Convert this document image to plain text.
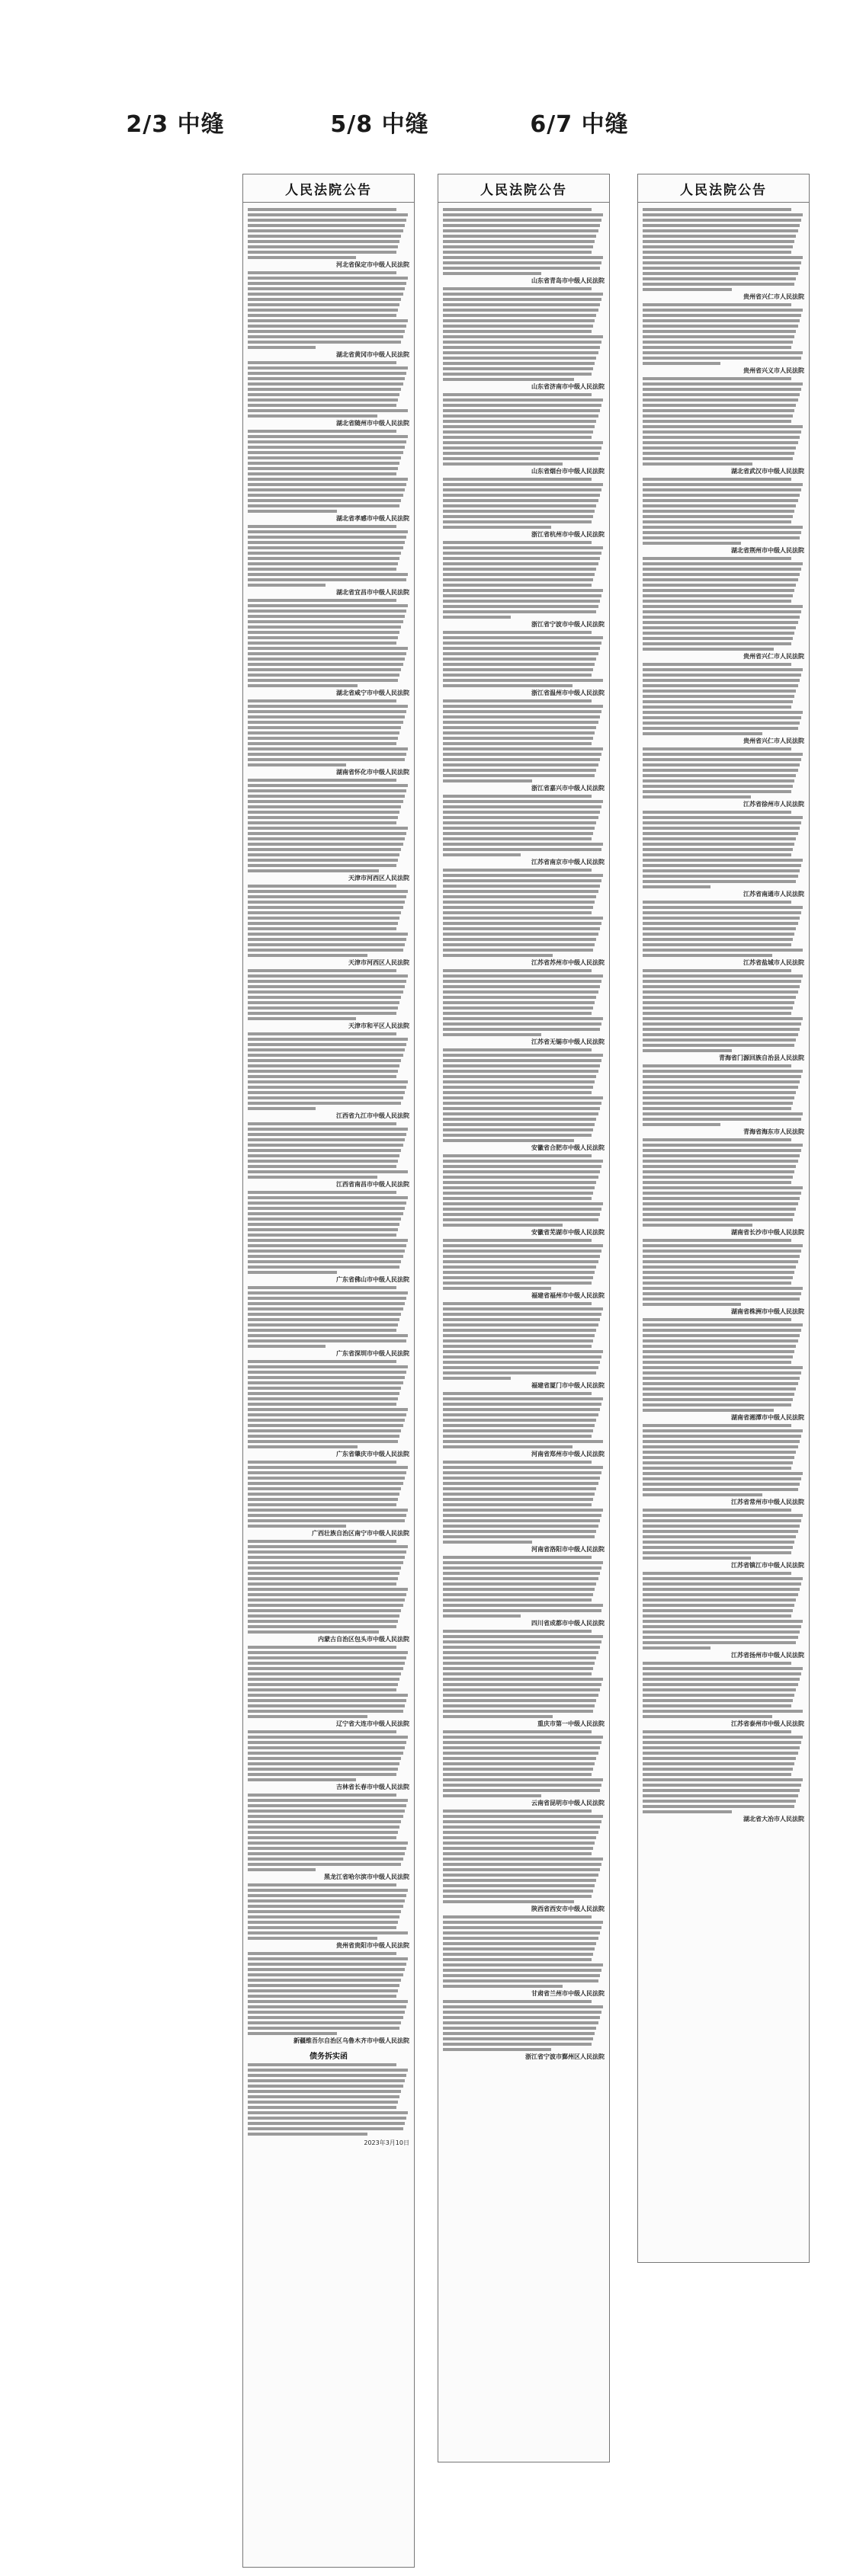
2/3 中缝	5/8 中缝	6/7 中缝
人民法院公告
河北省保定市中级人民法院
湖北省黄冈市中级人民法院
湖北省随州市中级人民法院
湖北省孝感市中级人民法院
湖北省宜昌市中级人民法院
湖北省咸宁市中级人民法院
湖南省怀化市中级人民法院
天津市河西区人民法院
天津市河西区人民法院
天津市和平区人民法院
江西省九江市中级人民法院
江西省南昌市中级人民法院
广东省佛山市中级人民法院
广东省深圳市中级人民法院
广东省肇庆市中级人民法院
广西壮族自治区南宁市中级人民法院
内蒙古自治区包头市中级人民法院
辽宁省大连市中级人民法院
吉林省长春市中级人民法院
黑龙江省哈尔滨市中级人民法院
贵州省贵阳市中级人民法院
新疆维吾尔自治区乌鲁木齐市中级人民法院
债务拆实函
2023年3月10日
人民法院公告
山东省青岛市中级人民法院
山东省济南市中级人民法院
山东省烟台市中级人民法院
浙江省杭州市中级人民法院
浙江省宁波市中级人民法院
浙江省温州市中级人民法院
浙江省嘉兴市中级人民法院
江苏省南京市中级人民法院
江苏省苏州市中级人民法院
江苏省无锡市中级人民法院
安徽省合肥市中级人民法院
安徽省芜湖市中级人民法院
福建省福州市中级人民法院
福建省厦门市中级人民法院
河南省郑州市中级人民法院
河南省洛阳市中级人民法院
四川省成都市中级人民法院
重庆市第一中级人民法院
云南省昆明市中级人民法院
陕西省西安市中级人民法院
甘肃省兰州市中级人民法院
浙江省宁波市鄞州区人民法院
人民法院公告
贵州省兴仁市人民法院
贵州省兴义市人民法院
湖北省武汉市中级人民法院
湖北省荆州市中级人民法院
贵州省兴仁市人民法院
贵州省兴仁市人民法院
江苏省徐州市人民法院
江苏省南通市人民法院
江苏省盐城市人民法院
青海省门源回族自治县人民法院
青海省海东市人民法院
湖南省长沙市中级人民法院
湖南省株洲市中级人民法院
湖南省湘潭市中级人民法院
江苏省常州市中级人民法院
江苏省镇江市中级人民法院
江苏省扬州市中级人民法院
江苏省泰州市中级人民法院
湖北省大冶市人民法院
